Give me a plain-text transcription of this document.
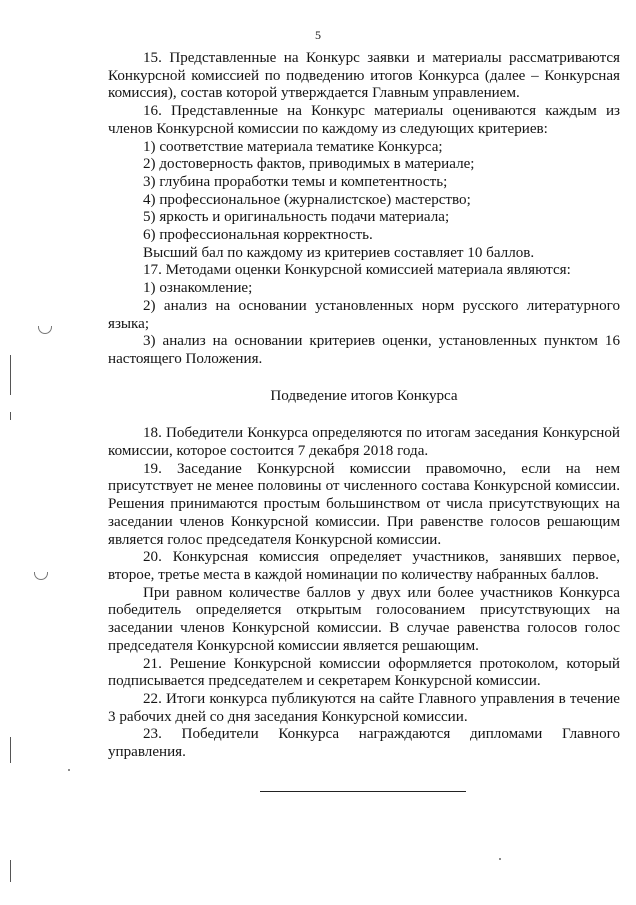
5

15. Представленные на Конкурс заявки и материалы рассматриваются Конкурсной комиссией по подведению итогов Конкурса (далее – Конкурсная комиссия), состав которой утверждается Главным управлением.

16. Представленные на Конкурс материалы оцениваются каждым из членов Конкурсной комиссии по каждому из следующих критериев:

1) соответствие материала тематике Конкурса;

2) достоверность фактов, приводимых в материале;

3) глубина проработки темы и компетентность;

4) профессиональное (журналистское) мастерство;

5) яркость и оригинальность подачи материала;

6) профессиональная корректность.

Высший бал по каждому из критериев составляет 10 баллов.

17. Методами оценки Конкурсной комиссией материала являются:

1) ознакомление;

2) анализ на основании установленных норм русского литературного языка;

3) анализ на основании критериев оценки, установленных пунктом 16 настоящего Положения.

Подведение итогов Конкурса

18. Победители Конкурса определяются по итогам заседания Конкурсной комиссии, которое состоится 7 декабря 2018 года.

19. Заседание Конкурсной комиссии правомочно, если на нем присутствует не менее половины от численного состава Конкурсной комиссии. Решения принимаются простым большинством от числа присутствующих на заседании членов Конкурсной комиссии. При равенстве голосов решающим является голос председателя Конкурсной комиссии.

20. Конкурсная комиссия определяет участников, занявших первое, второе, третье места в каждой номинации по количеству набранных баллов.

При равном количестве баллов у двух или более участников Конкурса победитель определяется открытым голосованием присутствующих на заседании членов Конкурсной комиссии. В случае равенства голосов голос председателя Конкурсной комиссии является решающим.

21. Решение Конкурсной комиссии оформляется протоколом, который подписывается председателем и секретарем Конкурсной комиссии.

22. Итоги конкурса публикуются на сайте Главного управления в течение 3 рабочих дней со дня заседания Конкурсной комиссии.

23. Победители Конкурса награждаются дипломами Главного управления.
